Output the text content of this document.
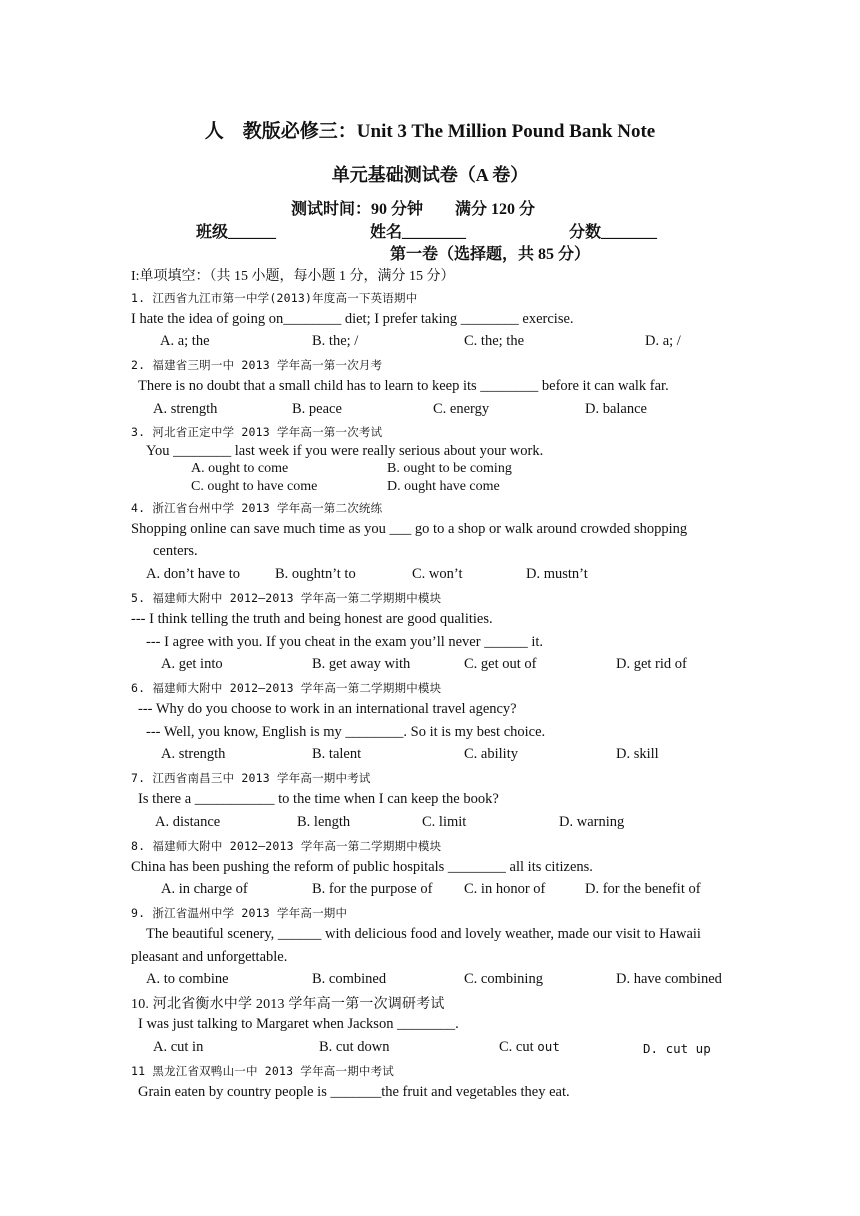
人　教版必修三：Unit 3 The Million Pound Bank Note
单元基础测试卷（A 卷）
测试时间：90 分钟　　满分 120 分
班级______	姓名________	分数_______
第一卷（选择题，共 85 分）
I:单项填空：（共 15 小题，每小题 1 分，满分 15 分）
1. 江西省九江市第一中学(2013)年度高一下英语期中
I hate the idea of going on________ diet; I prefer taking ________ exercise.
A. a; the	B. the; /	C. the; the	D. a; /
2. 福建省三明一中 2013 学年高一第一次月考
There is no doubt that a small child has to learn to keep its ________ before it can walk far.
A. strength	B. peace	C. energy	D. balance
3. 河北省正定中学 2013 学年高一第一次考试
You ________ last week if you were really serious about your work.
A. ought to come	B. ought to be coming
C. ought to have come	D. ought have come
4. 浙江省台州中学 2013 学年高一第二次统练
Shopping online can save much time as you ___ go to a shop or walk around crowded shopping
centers.
A. don’t have to B. oughtn’t to	C. won’t	D. mustn’t
5. 福建师大附中 2012—2013 学年高一第二学期期中模块
--- I think telling the truth and being honest are good qualities.
--- I agree with you. If you cheat in the exam you’ll never ______ it.
A. get into	B. get away with	C. get out of	D. get rid of
6. 福建师大附中 2012—2013 学年高一第二学期期中模块
--- Why do you choose to work in an international travel agency?
--- Well, you know, English is my ________. So it is my best choice.
A. strength	B. talent	C. ability	D. skill
7. 江西省南昌三中 2013 学年高一期中考试
Is there a ___________ to the time when I can keep the book?
A. distance	B. length	C. limit	D. warning
8. 福建师大附中 2012—2013 学年高一第二学期期中模块
China has been pushing the reform of public hospitals ________ all its citizens.
A. in charge of	B. for the purpose of C. in honor of	D. for the benefit of
9. 浙江省温州中学 2013 学年高一期中
The beautiful scenery, ______ with delicious food and lovely weather, made our visit to Hawaii
pleasant and unforgettable.
A. to combine	B. combined	C. combining	D. have combined
10. 河北省衡水中学 2013 学年高一第一次调研考试
I was just talking to Margaret when Jackson ________.
A. cut in	B. cut down	C. cut out	D. cut up
11 黑龙江省双鸭山一中 2013 学年高一期中考试
Grain eaten by country people is _______the fruit and vegetables they eat.
